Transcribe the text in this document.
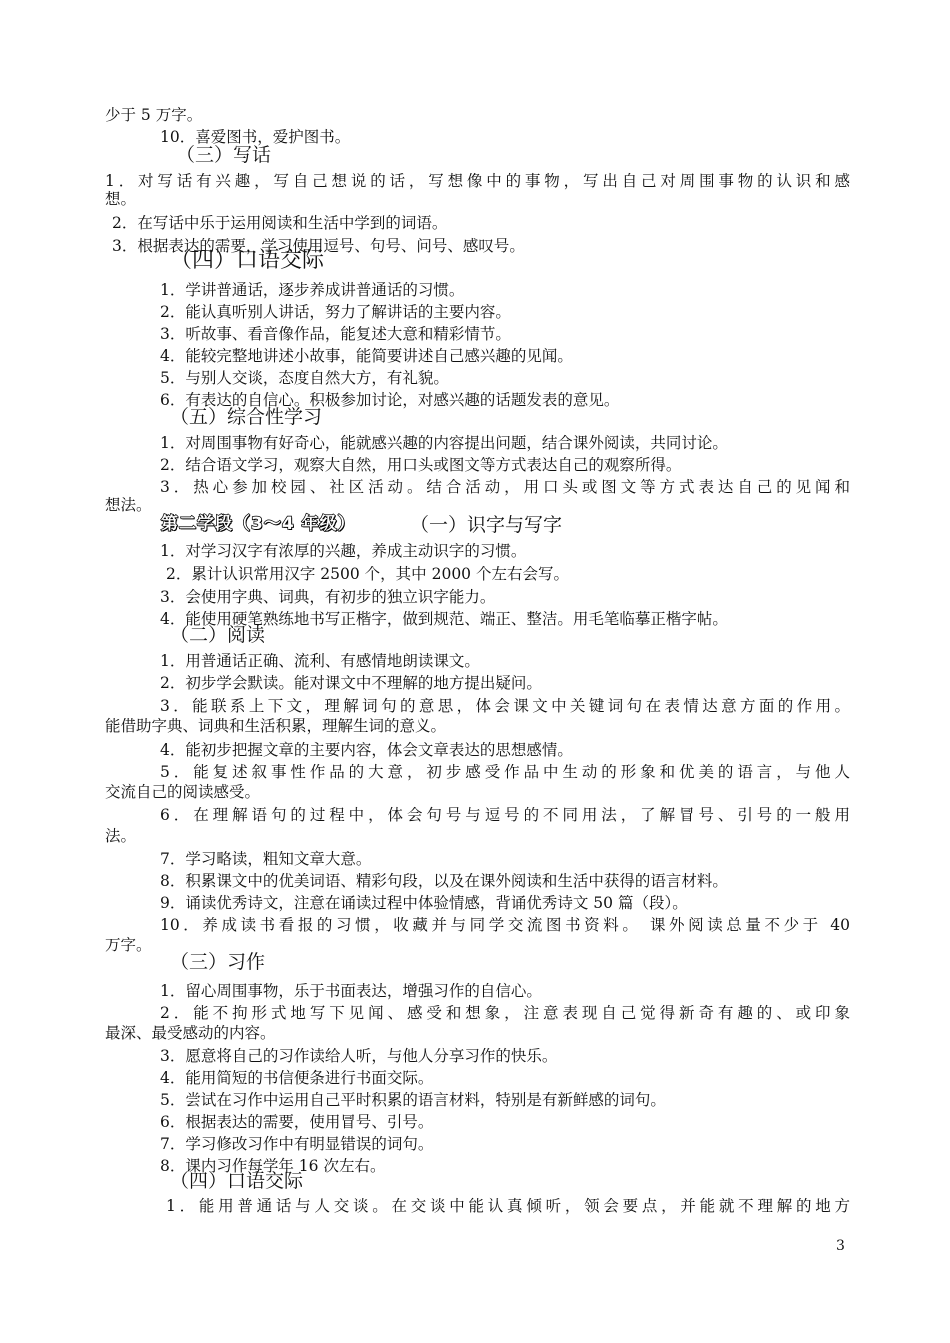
少于 5 万字。
10．喜爱图书，爱护图书。
（三）写话
1．对写话有兴趣，写自己想说的话，写想像中的事物，写出自己对周围事物的认识和感
想。
2．在写话中乐于运用阅读和生活中学到的词语。
3．根据表达的需要，学习使用逗号、句号、问号、感叹号。
（四）口语交际
1．学讲普通话，逐步养成讲普通话的习惯。
2．能认真听别人讲话，努力了解讲话的主要内容。
3．听故事、看音像作品，能复述大意和精彩情节。
4．能较完整地讲述小故事，能简要讲述自己感兴趣的见闻。
5．与别人交谈，态度自然大方，有礼貌。
6．有表达的自信心。积极参加讨论，对感兴趣的话题发表的意见。
（五）综合性学习
1．对周围事物有好奇心，能就感兴趣的内容提出问题，结合课外阅读，共同讨论。
2．结合语文学习，观察大自然，用口头或图文等方式表达自己的观察所得。
3．热心参加校园、社区活动。结合活动，用口头或图文等方式表达自己的见闻和
想法。
第二学段（3～4 年级）	（一）识字与写字
1．对学习汉字有浓厚的兴趣，养成主动识字的习惯。
2．累计认识常用汉字 2500 个，其中 2000 个左右会写。
3．会使用字典、词典，有初步的独立识字能力。
4．能使用硬笔熟练地书写正楷字，做到规范、端正、整洁。用毛笔临摹正楷字帖。
（二）阅读
1．用普通话正确、流利、有感情地朗读课文。
2．初步学会默读。能对课文中不理解的地方提出疑问。
3．能联系上下文，理解词句的意思，体会课文中关键词句在表情达意方面的作用。
能借助字典、词典和生活积累，理解生词的意义。
4．能初步把握文章的主要内容，体会文章表达的思想感情。
5．能复述叙事性作品的大意，初步感受作品中生动的形象和优美的语言，与他人
交流自己的阅读感受。
6．在理解语句的过程中，体会句号与逗号的不同用法，了解冒号、引号的一般用
法。
7．学习略读，粗知文章大意。
8．积累课文中的优美词语、精彩句段，以及在课外阅读和生活中获得的语言材料。
9．诵读优秀诗文，注意在诵读过程中体验情感，背诵优秀诗文 50 篇（段）。
10．养成读书看报的习惯，收藏并与同学交流图书资料。 课外阅读总量不少于 40
万字。
（三）习作
1．留心周围事物，乐于书面表达，增强习作的自信心。
2．能不拘形式地写下见闻、感受和想象，注意表现自己觉得新奇有趣的、或印象
最深、最受感动的内容。
3．愿意将自己的习作读给人听，与他人分享习作的快乐。
4．能用简短的书信便条进行书面交际。
5．尝试在习作中运用自己平时积累的语言材料，特别是有新鲜感的词句。
6．根据表达的需要，使用冒号、引号。
7．学习修改习作中有明显错误的词句。
8．课内习作每学年 16 次左右。
（四）口语交际
1．能用普通话与人交谈。在交谈中能认真倾听，领会要点，并能就不理解的地方
3
